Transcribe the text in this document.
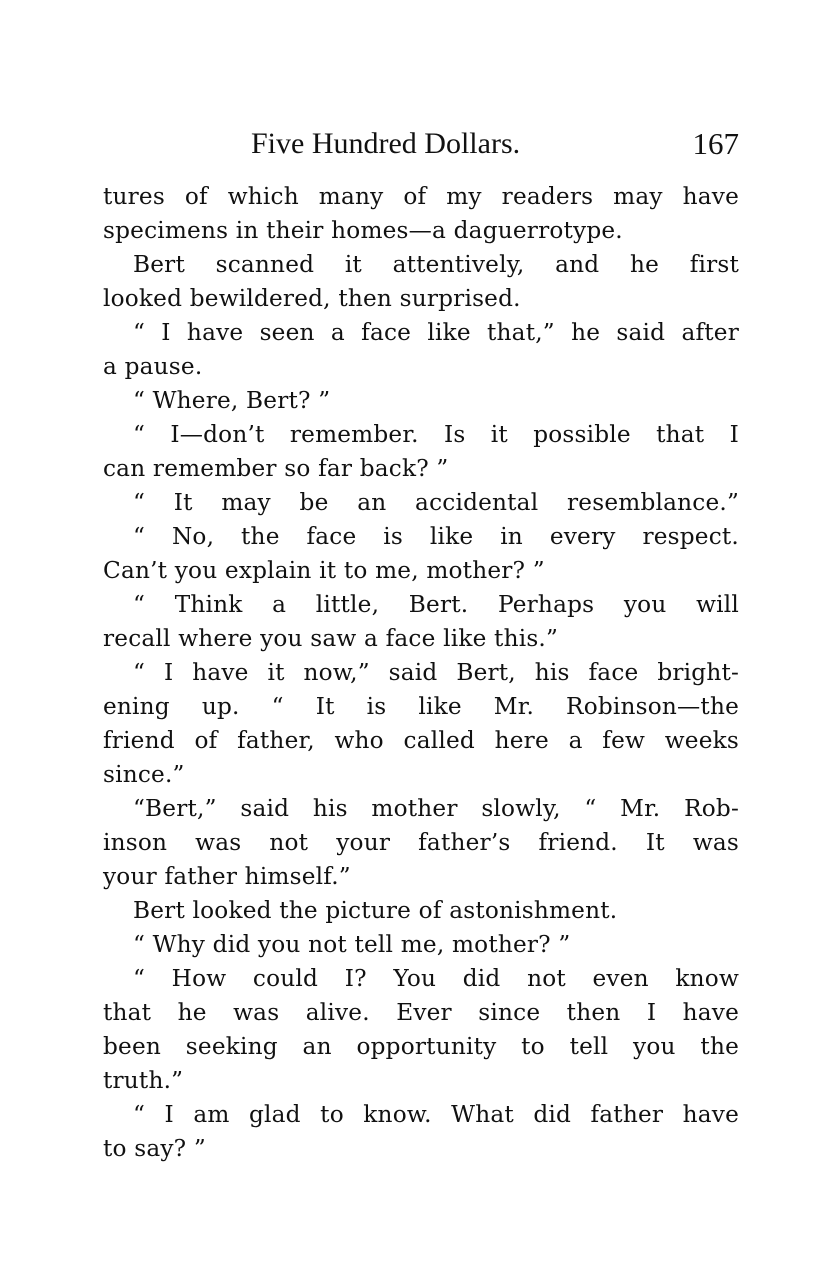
Five Hundred Dollars.	167
tures of which many of my readers may have
specimens in their homes—a daguerrotype.
Bert scanned it attentively, and he first
looked bewildered, then surprised.
“ I have seen a face like that,” he said after
a pause.
“ Where, Bert? ”
“ I—don’t remember. Is it possible that I
can remember so far back? ”
“ It may be an accidental resemblance.”
“ No, the face is like in every respect.
Can’t you explain it to me, mother? ”
“ Think a little, Bert. Perhaps you will
recall where you saw a face like this.”
“ I have it now,” said Bert, his face bright-
ening up. “ It is like Mr. Robinson—the
friend of father, who called here a few weeks
since.”
“Bert,” said his mother slowly, “ Mr. Rob-
inson was not your father’s friend. It was
your father himself.”
Bert looked the picture of astonishment.
“ Why did you not tell me, mother? ”
“ How could I? You did not even know
that he was alive. Ever since then I have
been seeking an opportunity to tell you the
truth.”
“ I am glad to know. What did father have
to say? ”
